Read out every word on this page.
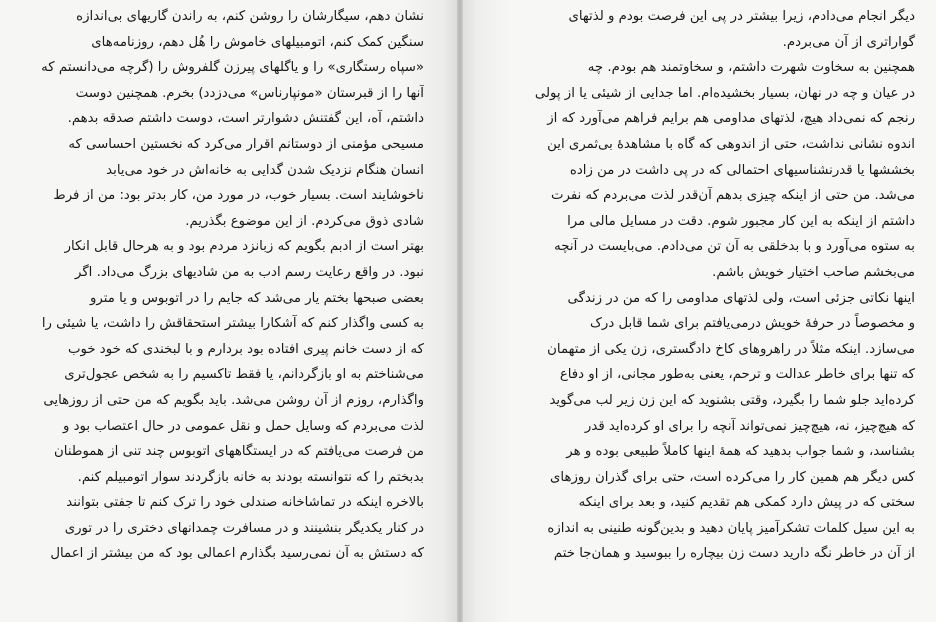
نشان دهم، سیگارشان را روشن کنم، به راندن گاریهای بی‌اندازه

سنگین کمک کنم، اتومبیلهای خاموش را هُل دهم، روزنامه‌های

«سپاه رستگاری» را و یاگلهای پیرزن گلفروش را (گرچه می‌دانستم که

آنها را از قبرستان «مونپارناس» می‌دزدد) بخرم. همچنین دوست

داشتم، آه، این گفتنش دشوارتر است، دوست داشتم صدقه بدهم.

مسیحی مؤمنی از دوستانم اقرار می‌کرد که نخستین احساسی که

انسان هنگام نزدیک شدن گدایی به خانه‌اش در خود می‌یابد

ناخوشایند است. بسیار خوب، در مورد من، کار بدتر بود: من از فرط

شادی ذوق می‌کردم. از این موضوع بگذریم.

بهتر است از ادبم بگویم که زبانزد مردم بود و به هرحال قابل انکار

نبود. در واقع رعایت رسم ادب به من شادیهای بزرگ می‌داد. اگر

بعضی صبحها بختم یار می‌شد که جایم را در اتوبوس و یا مترو

به کسی واگذار کنم که آشکارا بیشتر استحقاقش را داشت، یا شیئی را

که از دست خانم پیری افتاده بود بردارم و با لبخندی که خود خوب

می‌شناختم به او بازگردانم، یا فقط تاکسیم را به شخص عجول‌تری

واگذارم، روزم از آن روشن می‌شد. باید بگویم که من حتی از روزهایی

لذت می‌بردم که وسایل حمل و نقل عمومی در حال اعتصاب بود و

من فرصت می‌یافتم که در ایستگاههای اتوبوس چند تنی از هموطنان

بدبختم را که نتوانسته بودند به خانه بازگردند سوار اتومبیلم کنم.

بالاخره اینکه در تماشاخانه صندلی خود را ترک کنم تا جفتی بتوانند

در کنار یکدیگر بنشینند و در مسافرت چمدانهای دختری را در توری

که دستش به آن نمی‌رسید بگذارم اعمالی بود که من بیشتر از اعمال

دیگر انجام می‌دادم، زیرا بیشتر در پی این فرصت بودم و لذتهای

گواراتری از آن می‌بردم.

همچنین به سخاوت شهرت داشتم، و سخاوتمند هم بودم. چه

در عیان و چه در نهان، بسیار بخشیده‌ام. اما جدایی از شیئی یا از پولی

رنجم که نمی‌داد هیچ، لذتهای مداومی هم برایم فراهم می‌آورد که از

اندوه نشانی نداشت، حتی از اندوهی که گاه با مشاهدهٔ بی‌ثمری این

بخششها یا قدرنشناسیهای احتمالی که در پی داشت در من زاده

می‌شد. من حتی از اینکه چیزی بدهم آن‌قدر لذت می‌بردم که نفرت

داشتم از اینکه به این کار مجبور شوم. دقت در مسایل مالی مرا

به ستوه می‌آورد و با بدخلقی به آن تن می‌دادم. می‌بایست در آنچه

می‌بخشم صاحب اختیار خویش باشم.

اینها نکاتی جزئی است، ولی لذتهای مداومی را که من در زندگی

و مخصوصاً در حرفهٔ خویش درمی‌یافتم برای شما قابل درک

می‌سازد. اینکه مثلاً در راهروهای کاخ دادگستری، زن یکی از متهمان

که تنها برای خاطر عدالت و ترحم، یعنی به‌طور مجانی، از او دفاع

کرده‌اید جلو شما را بگیرد، وقتی بشنوید که این زن زیر لب می‌گوید

که هیچ‌چیز، نه، هیچ‌چیز نمی‌تواند آنچه را برای او کرده‌اید قدر

بشناسد، و شما جواب بدهید که همهٔ اینها کاملاً طبیعی بوده و هر

کس دیگر هم همین کار را می‌کرده است، حتی برای گذران روزهای

سختی که در پیش دارد کمکی هم تقدیم کنید، و بعد برای اینکه

به این سیل کلمات تشکرآمیز پایان دهید و بدین‌گونه طنینی به اندازه

از آن در خاطر نگه دارید دست زن بیچاره را ببوسید و همان‌جا ختم
